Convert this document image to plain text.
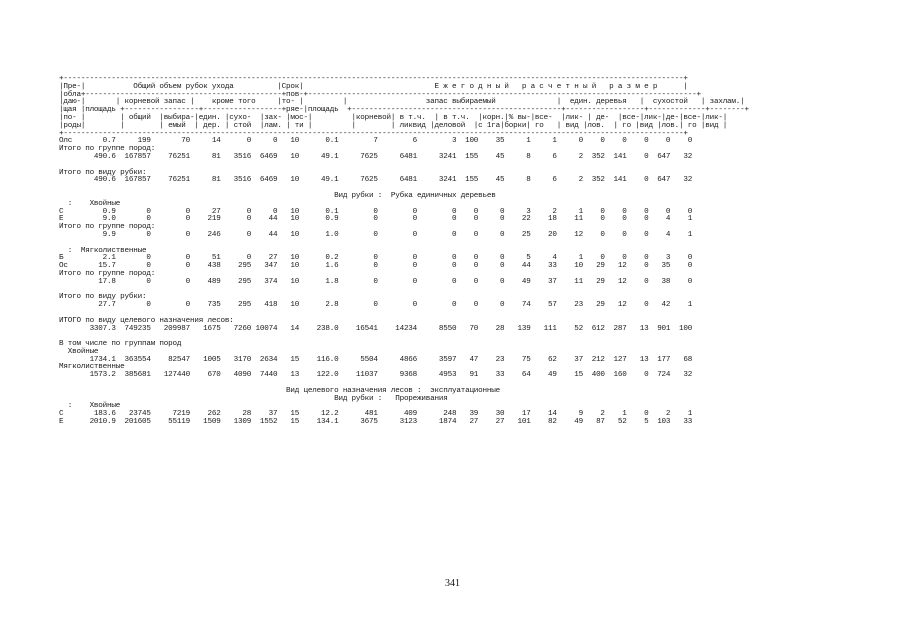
+----------------------------------------------------------------------------------------------------------------------------------------------+
|Пре-|           Общий объем рубок ухода          |Срок|                              Е ж е г о д н ы й   р а с ч е т н ы й   р а з м е р      |
|обла+---------------------------------------------+пов-+-----------------------------------------------------------------------------------------+
|даю-|       | корневой запас |    кроме того     |то- |         |                  запас выбираемый              |  един. деревья   |  сухостой   | захлам.|
|щая |площадь +-----------------+------------------+ряе-|площадь  +------------------------------------------------+------------------+-------------+--------+
|по- |        | общий  |выбира-|един. |сухо-  |зах- |мос-|         |корневой| в т.ч.  | в т.ч.  |корн.|% вы-|все-  |лик- | де-  |все-|лик-|де-|все-|лик-|
|роды|        |        | емый  | дер. | стой  |лам. | ти |         |        | ликвид |деловой  |с 1га|борки| го   | вид |лов.  | го |вид |лов.| го |вид |
+----------------------------------------------------------------------------------------------------------------------------------------------+
Олс       0.7     199       70     14      0     0   10      0.1        7        6        3  100    35     1     1     0    0    0    0    0    0
Итого по группе пород:
490.6  167857    76251     81   3516  6469   10     49.1     7625     6481     3241  155    45     8     6     2  352  141    0  647   32

Итого по виду рубки:
490.6  167857    76251     81   3516  6469   10     49.1     7625     6481     3241  155    45     8     6     2  352  141    0  647   32

Вид рубки :  Рубка единичных деревьев
:    Хвойные
С         0.9       0        0     27      0     0   10      0.1        0        0        0    0     0     3     2     1    0    0    0    0    0
Е         9.0       0        0    219      0    44   10      0.9        0        0        0    0     0    22    18    11    0    0    0    4    1
Итого по группе пород:
9.9       0        0    246      0    44   10      1.0        0        0        0    0     0    25    20    12    0    0    0    4    1

:  Мягколиственные
Б         2.1       0        0     51      0    27   10      0.2        0        0        0    0     0     5     4     1    0    0    0    3    0
Ос       15.7       0        0    438    295   347   10      1.6        0        0        0    0     0    44    33    10   29   12    0   35    0
Итого по группе пород:
17.8       0        0    489    295   374   10      1.8        0        0        0    0     0    49    37    11   29   12    0   38    0

Итого по виду рубки:
27.7       0        0    735    295   418   10      2.8        0        0        0    0     0    74    57    23   29   12    0   42    1

ИТОГО по виду целевого назначения лесов:
3307.3  749235   209987   1675   7260 10074   14    238.0    16541    14234     8550   70    28   139   111    52  612  287   13  901  100

В том числе по группам пород
Хвойные
1734.1  363554    82547   1005   3170  2634   15    116.0     5504     4866     3597   47    23    75    62    37  212  127   13  177   68
Мягколиственные
1573.2  385681   127440    670   4090  7440   13    122.0    11037     9368     4953   91    33    64    49    15  400  160    0  724   32

Вид целевого назначения лесов :  эксплуатационные
Вид рубки :   Прореживания
:    Хвойные
С       183.6   23745     7219    262     28    37   15     12.2      481      409      248   39    30    17    14     9    2    1    0    2    1
Е      2010.9  201605    55119   1509   1309  1552   15    134.1     3675     3123     1874   27    27   101    82    49   87   52    5  103   33
341
